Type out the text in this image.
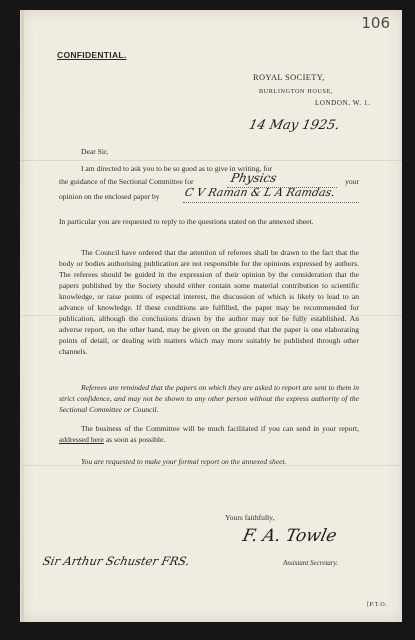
106
CONFIDENTIAL.
ROYAL SOCIETY,
BURLINGTON HOUSE,
LONDON, W. 1.
14 May 1925.
Dear Sir,
I am directed to ask you to be so good as to give in writing, for
the guidance of the Sectional Committee for	Physics	your
opinion on the enclosed paper by C V Raman & L A Ramdas.
In particular you are requested to reply to the questions stated on the annexed sheet.
The Council have ordered that the attention of referees shall be drawn to the fact that the body or bodies authorising publication are not responsible for the opinions expressed by authors. The referees should be guided in the expression of their opinion by the consideration that the papers published by the Society should either contain some material contribution to scientific knowledge, or raise points of especial interest, the discussion of which is likely to lead to an advance of knowledge. If these conditions are fulfilled, the paper may be recommended for publication, although the conclusions drawn by the author may not be fully established. An adverse report, on the other hand, may be given on the ground that the paper is one elaborating points of detail, or dealing with matters which may more suitably be published through other channels.
Referees are reminded that the papers on which they are asked to report are sent to them in strict confidence, and may not be shown to any other person without the express authority of the Sectional Committee or Council.
The business of the Committee will be much facilitated if you can send in your report, addressed here as soon as possible.
You are requested to make your formal report on the annexed sheet.
Yours faithfully,
F. A. Towle
Assistant Secretary.
Sir Arthur Schuster FRS.
[P.T.O.
